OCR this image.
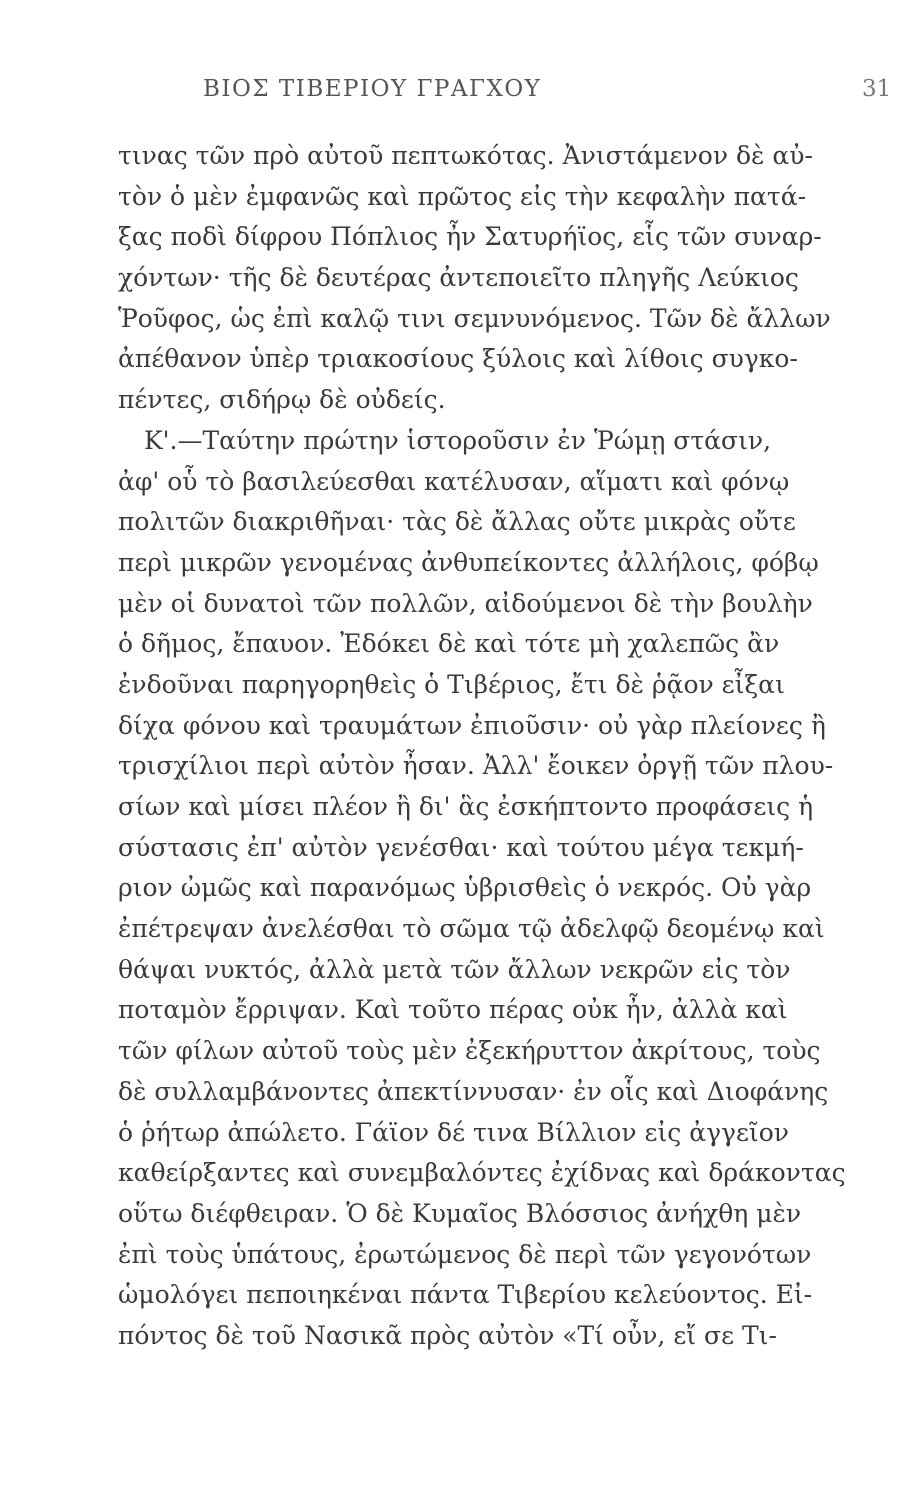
ΒΙΟΣ ΤΙΒΕΡΙΟΥ ΓΡΑΓΧΟΥ	31
τινας τῶν πρὸ αὐτοῦ πεπτωκότας. Ἀνιστάμενον δὲ αὐ-
τὸν ὁ μὲν ἐμφανῶς καὶ πρῶτος εἰς τὴν κεφαλὴν πατά-
ξας ποδὶ δίφρου Πόπλιος ἦν Σατυρήϊος, εἷς τῶν συναρ-
χόντων· τῆς δὲ δευτέρας ἀντεποιεῖτο πληγῆς Λεύκιος
Ῥοῦφος, ὡς ἐπὶ καλῷ τινι σεμνυνόμενος. Τῶν δὲ ἄλλων
ἀπέθανον ὑπὲρ τριακοσίους ξύλοις καὶ λίθοις συγκο-
πέντες, σιδήρῳ δὲ οὐδείς.
Κ'.—Ταύτην πρώτην ἱστοροῦσιν ἐν Ῥώμῃ στάσιν,
ἀφ' οὗ τὸ βασιλεύεσθαι κατέλυσαν, αἵματι καὶ φόνῳ
πολιτῶν διακριθῆναι· τὰς δὲ ἄλλας οὔτε μικρὰς οὔτε
περὶ μικρῶν γενομένας ἀνθυπείκοντες ἀλλήλοις, φόβῳ
μὲν οἱ δυνατοὶ τῶν πολλῶν, αἰδούμενοι δὲ τὴν βουλὴν
ὁ δῆμος, ἔπαυον. Ἐδόκει δὲ καὶ τότε μὴ χαλεπῶς ἂν
ἐνδοῦναι παρηγορηθεὶς ὁ Τιβέριος, ἔτι δὲ ῥᾷον εἶξαι
δίχα φόνου καὶ τραυμάτων ἐπιοῦσιν· οὐ γὰρ πλείονες ἢ
τρισχίλιοι περὶ αὐτὸν ἦσαν. Ἀλλ' ἔοικεν ὀργῇ τῶν πλου-
σίων καὶ μίσει πλέον ἢ δι' ἃς ἐσκήπτοντο προφάσεις ἡ
σύστασις ἐπ' αὐτὸν γενέσθαι· καὶ τούτου μέγα τεκμή-
ριον ὠμῶς καὶ παρανόμως ὑβρισθεὶς ὁ νεκρός. Οὐ γὰρ
ἐπέτρεψαν ἀνελέσθαι τὸ σῶμα τῷ ἀδελφῷ δεομένῳ καὶ
θάψαι νυκτός, ἀλλὰ μετὰ τῶν ἄλλων νεκρῶν εἰς τὸν
ποταμὸν ἔρριψαν. Καὶ τοῦτο πέρας οὐκ ἦν, ἀλλὰ καὶ
τῶν φίλων αὐτοῦ τοὺς μὲν ἐξεκήρυττον ἀκρίτους, τοὺς
δὲ συλλαμβάνοντες ἀπεκτίννυσαν· ἐν οἷς καὶ Διοφάνης
ὁ ῥήτωρ ἀπώλετο. Γάϊον δέ τινα Βίλλιον εἰς ἀγγεῖον
καθείρξαντες καὶ συνεμβαλόντες ἐχίδνας καὶ δράκοντας
οὕτω διέφθειραν. Ὁ δὲ Κυμαῖος Βλόσσιος ἀνήχθη μὲν
ἐπὶ τοὺς ὑπάτους, ἐρωτώμενος δὲ περὶ τῶν γεγονότων
ὡμολόγει πεποιηκέναι πάντα Τιβερίου κελεύοντος. Εἰ-
πόντος δὲ τοῦ Νασικᾶ πρὸς αὐτὸν «Τί οὖν, εἴ σε Τι-
